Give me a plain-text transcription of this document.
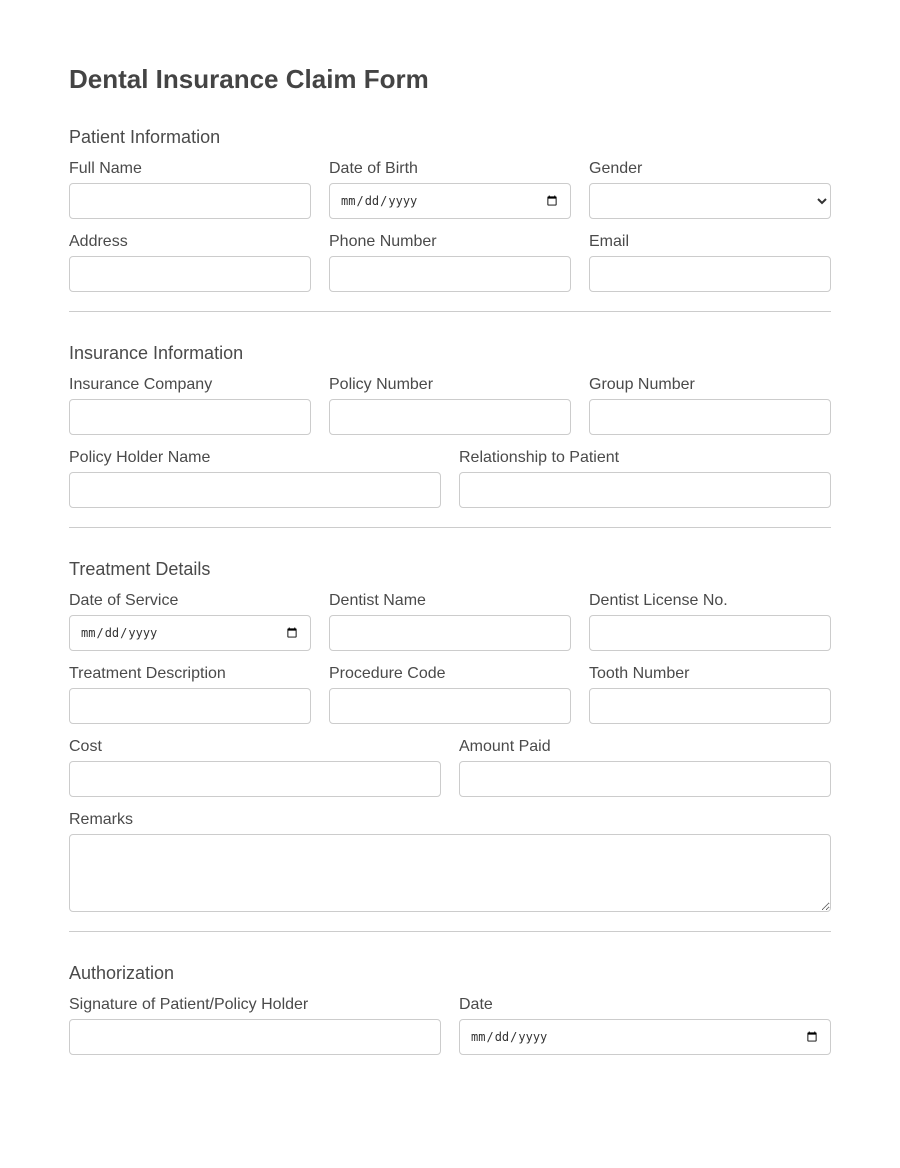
Dental Insurance Claim Form
Patient Information
Full Name	Date of Birth	Gender
Address	Phone Number	Email
Insurance Information
Insurance Company	Policy Number	Group Number
Policy Holder Name	Relationship to Patient
Treatment Details
Date of Service	Dentist Name	Dentist License No.
Treatment Description	Procedure Code	Tooth Number
Cost	Amount Paid
Remarks
Authorization
Signature of Patient/Policy Holder	Date
